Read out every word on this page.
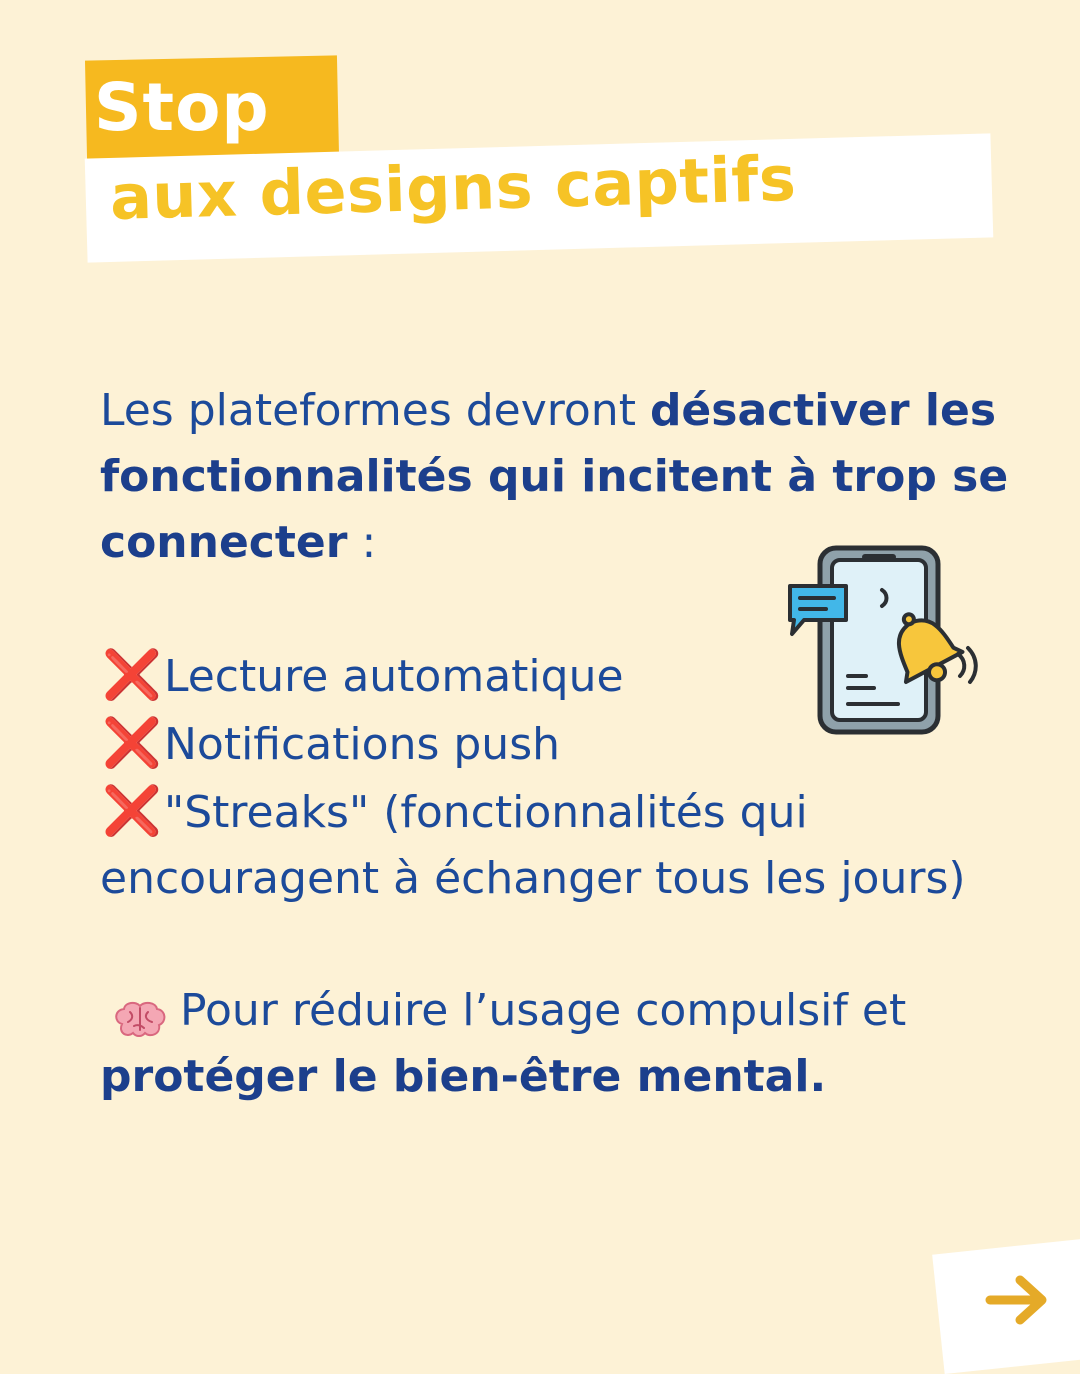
Stop
aux designs captifs

Les plateformes devront désactiver les fonctionnalités qui incitent à trop se connecter :

❌Lecture automatique

❌Notifications push

❌"Streaks" (fonctionnalités qui encouragent à échanger tous les jours)

Pour réduire l’usage compulsif et protéger le bien-être mental.
